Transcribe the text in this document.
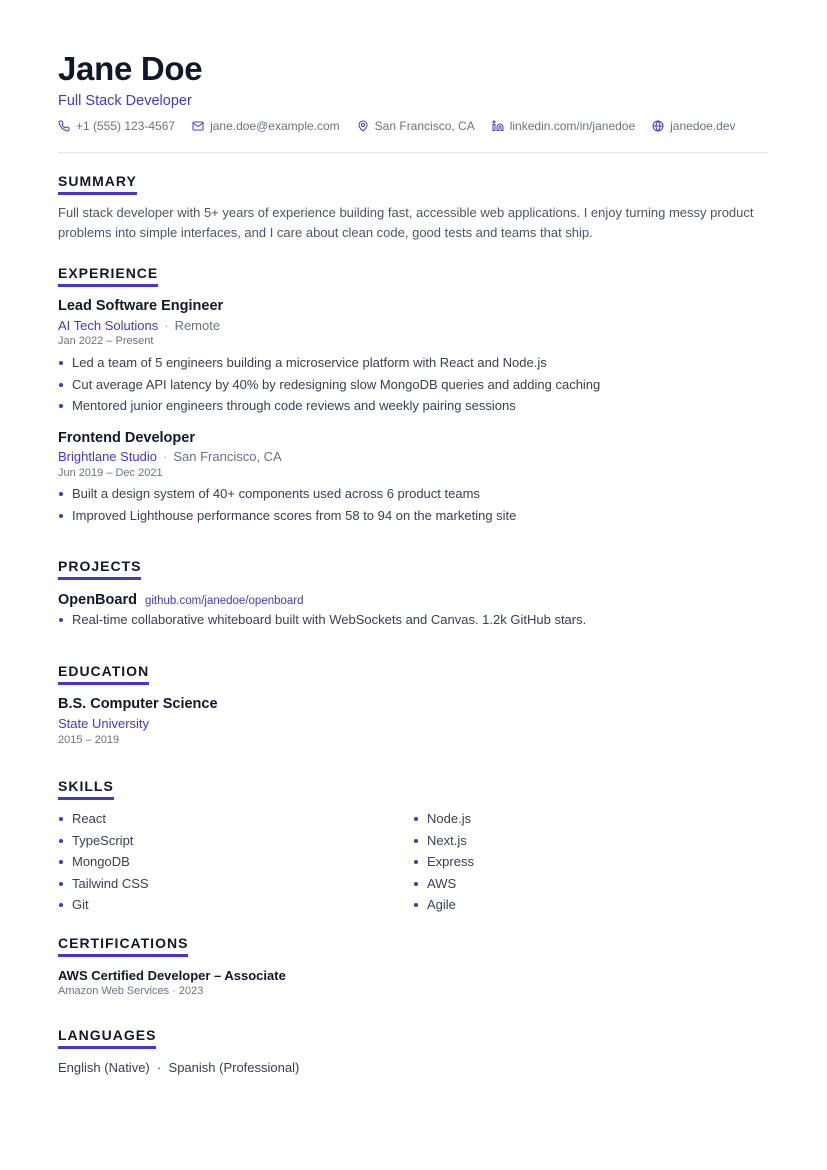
Jane Doe
Full Stack Developer
+1 (555) 123-4567	jane.doe@example.com	San Francisco, CA	linkedin.com/in/janedoe	janedoe.dev
SUMMARY
Full stack developer with 5+ years of experience building fast, accessible web applications. I enjoy turning messy product
problems into simple interfaces, and I care about clean code, good tests and teams that ship.
EXPERIENCE
Lead Software Engineer
AI Tech Solutions · Remote
Jan 2022 – Present
Led a team of 5 engineers building a microservice platform with React and Node.js
Cut average API latency by 40% by redesigning slow MongoDB queries and adding caching
Mentored junior engineers through code reviews and weekly pairing sessions
Frontend Developer
Brightlane Studio · San Francisco, CA
Jun 2019 – Dec 2021
Built a design system of 40+ components used across 6 product teams
Improved Lighthouse performance scores from 58 to 94 on the marketing site
PROJECTS
OpenBoard github.com/janedoe/openboard
Real-time collaborative whiteboard built with WebSockets and Canvas. 1.2k GitHub stars.
EDUCATION
B.S. Computer Science
State University
2015 – 2019
SKILLS
React
TypeScript
MongoDB
Tailwind CSS
Git
Node.js
Next.js
Express
AWS
Agile
CERTIFICATIONS
AWS Certified Developer – Associate
Amazon Web Services · 2023
LANGUAGES
English (Native)  ·  Spanish (Professional)
